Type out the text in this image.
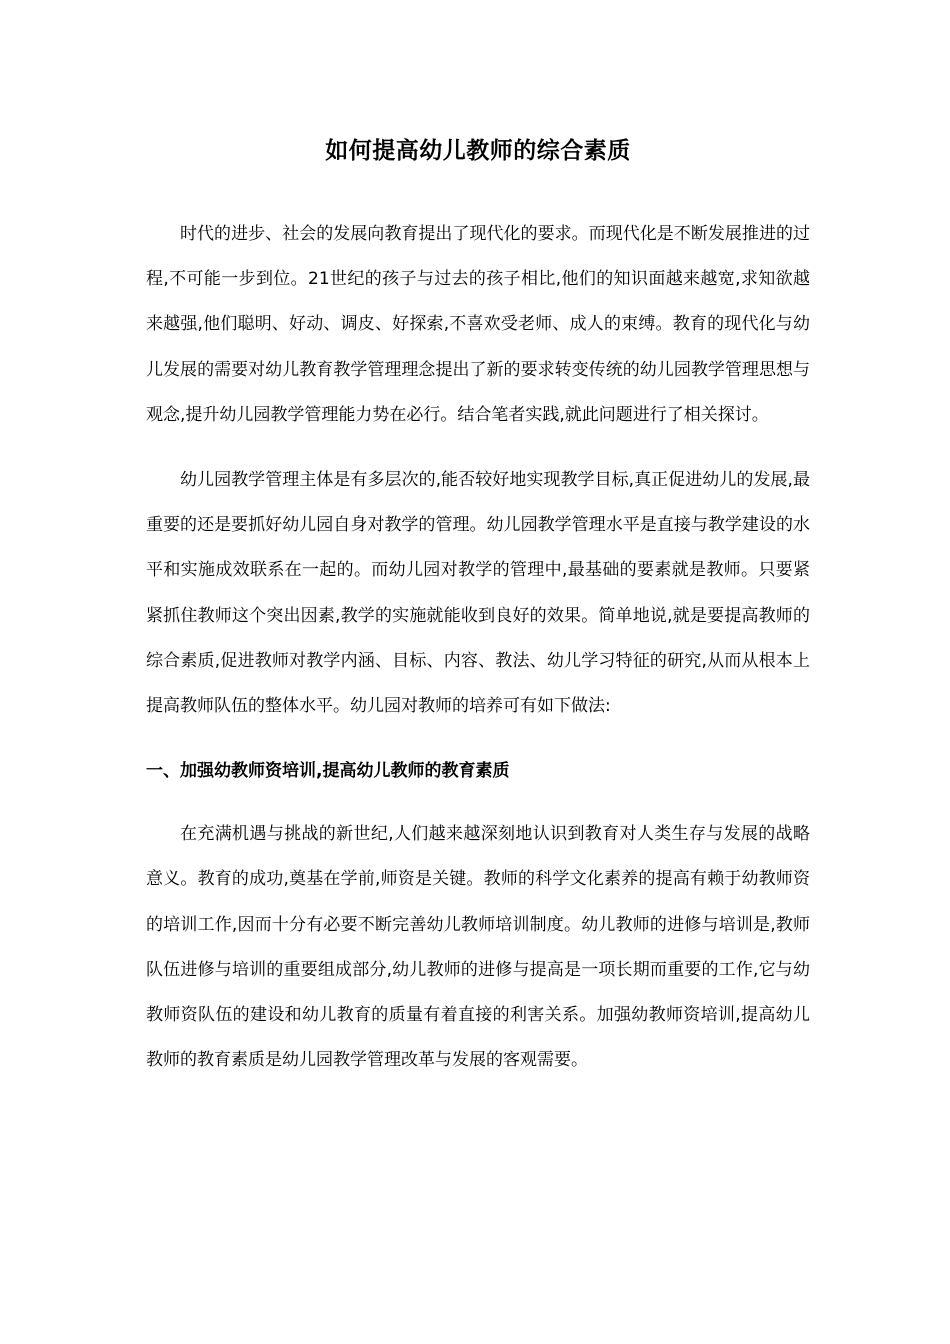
如何提高幼儿教师的综合素质

时代的进步、社会的发展向教育提出了现代化的要求。而现代化是不断发展推进的过程,不可能一步到位。21世纪的孩子与过去的孩子相比,他们的知识面越来越宽,求知欲越来越强,他们聪明、好动、调皮、好探索,不喜欢受老师、成人的束缚。教育的现代化与幼儿发展的需要对幼儿教育教学管理理念提出了新的要求转变传统的幼儿园教学管理思想与观念,提升幼儿园教学管理能力势在必行。结合笔者实践,就此问题进行了相关探讨。

幼儿园教学管理主体是有多层次的,能否较好地实现教学目标,真正促进幼儿的发展,最重要的还是要抓好幼儿园自身对教学的管理。幼儿园教学管理水平是直接与教学建设的水平和实施成效联系在一起的。而幼儿园对教学的管理中,最基础的要素就是教师。只要紧紧抓住教师这个突出因素,教学的实施就能收到良好的效果。简单地说,就是要提高教师的综合素质,促进教师对教学内涵、目标、内容、教法、幼儿学习特征的研究,从而从根本上提高教师队伍的整体水平。幼儿园对教师的培养可有如下做法:

一、加强幼教师资培训,提高幼儿教师的教育素质

在充满机遇与挑战的新世纪,人们越来越深刻地认识到教育对人类生存与发展的战略意义。教育的成功,奠基在学前,师资是关键。教师的科学文化素养的提高有赖于幼教师资的培训工作,因而十分有必要不断完善幼儿教师培训制度。幼儿教师的进修与培训是,教师队伍进修与培训的重要组成部分,幼儿教师的进修与提高是一项长期而重要的工作,它与幼教师资队伍的建设和幼儿教育的质量有着直接的利害关系。加强幼教师资培训,提高幼儿教师的教育素质是幼儿园教学管理改革与发展的客观需要。
